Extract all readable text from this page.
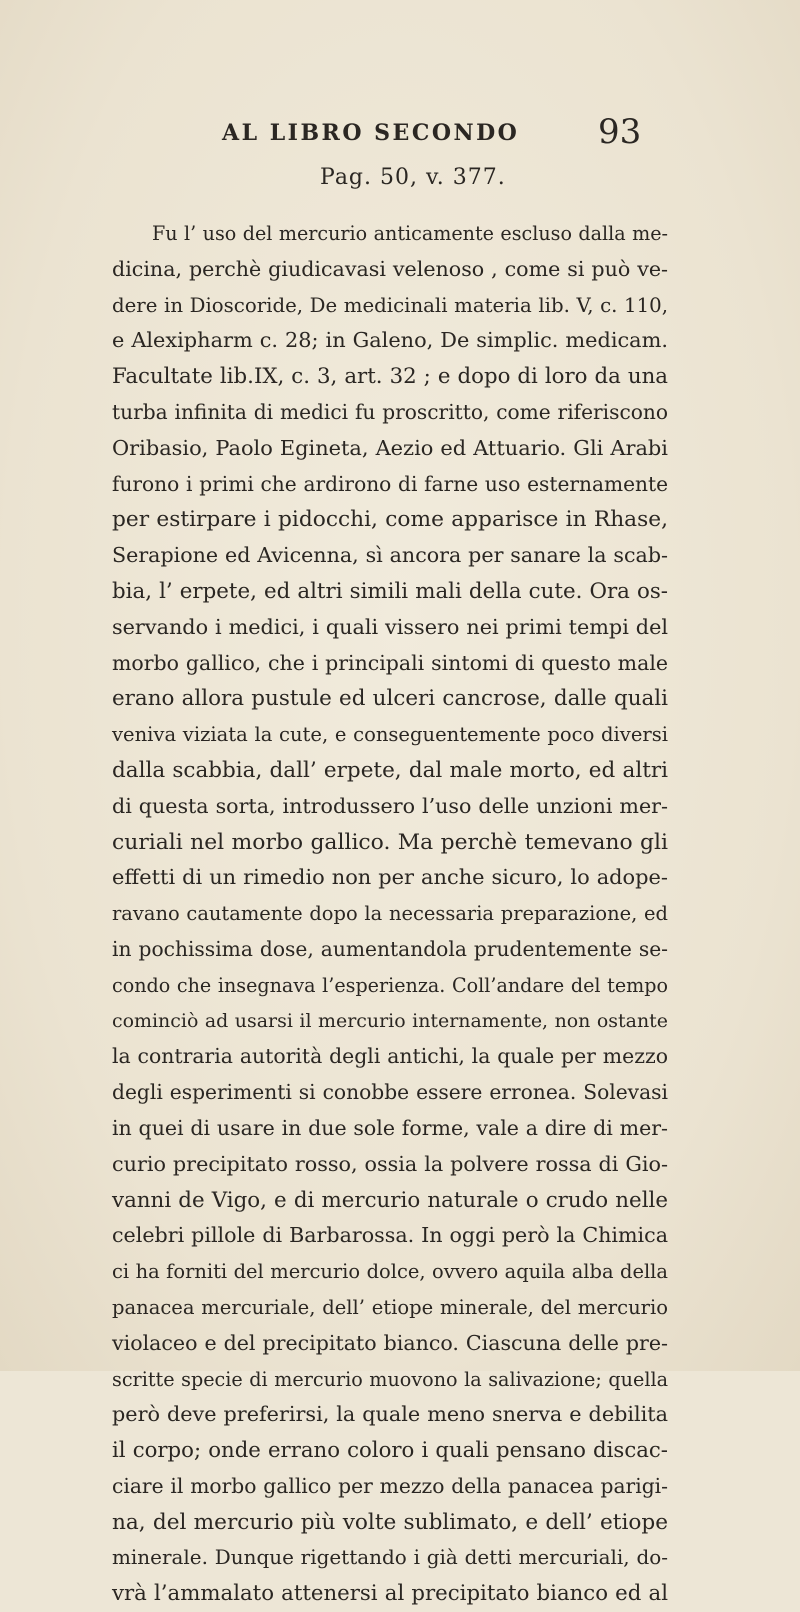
AL LIBRO SECONDO 93
Pag. 50, v. 377.
Fu l’ uso del mercurio anticamente escluso dalla me-
dicina, perchè giudicavasi velenoso , come si può ve-
dere in Dioscoride, De medicinali materia lib. V, c. 110,
e Alexipharm c. 28; in Galeno, De simplic. medicam.
Facultate lib.IX, c. 3, art. 32 ; e dopo di loro da una
turba infinita di medici fu proscritto, come riferiscono
Oribasio, Paolo Egineta, Aezio ed Attuario. Gli Arabi
furono i primi che ardirono di farne uso esternamente
per estirpare i pidocchi, come apparisce in Rhase,
Serapione ed Avicenna, sì ancora per sanare la scab-
bia, l’ erpete, ed altri simili mali della cute. Ora os-
servando i medici, i quali vissero nei primi tempi del
morbo gallico, che i principali sintomi di questo male
erano allora pustule ed ulceri cancrose, dalle quali
veniva viziata la cute, e conseguentemente poco diversi
dalla scabbia, dall’ erpete, dal male morto, ed altri
di questa sorta, introdussero l’uso delle unzioni mer-
curiali nel morbo gallico. Ma perchè temevano gli
effetti di un rimedio non per anche sicuro, lo adope-
ravano cautamente dopo la necessaria preparazione, ed
in pochissima dose, aumentandola prudentemente se-
condo che insegnava l’esperienza. Coll’andare del tempo
cominciò ad usarsi il mercurio internamente, non ostante
la contraria autorità degli antichi, la quale per mezzo
degli esperimenti si conobbe essere erronea. Solevasi
in quei di usare in due sole forme, vale a dire di mer-
curio precipitato rosso, ossia la polvere rossa di Gio-
vanni de Vigo, e di mercurio naturale o crudo nelle
celebri pillole di Barbarossa. In oggi però la Chimica
ci ha forniti del mercurio dolce, ovvero aquila alba della
panacea mercuriale, dell’ etiope minerale, del mercurio
violaceo e del precipitato bianco. Ciascuna delle pre-
scritte specie di mercurio muovono la salivazione; quella
però deve preferirsi, la quale meno snerva e debilita
il corpo; onde errano coloro i quali pensano discac-
ciare il morbo gallico per mezzo della panacea parigi-
na, del mercurio più volte sublimato, e dell’ etiope
minerale. Dunque rigettando i già detti mercuriali, do-
vrà l’ammalato attenersi al precipitato bianco ed al
